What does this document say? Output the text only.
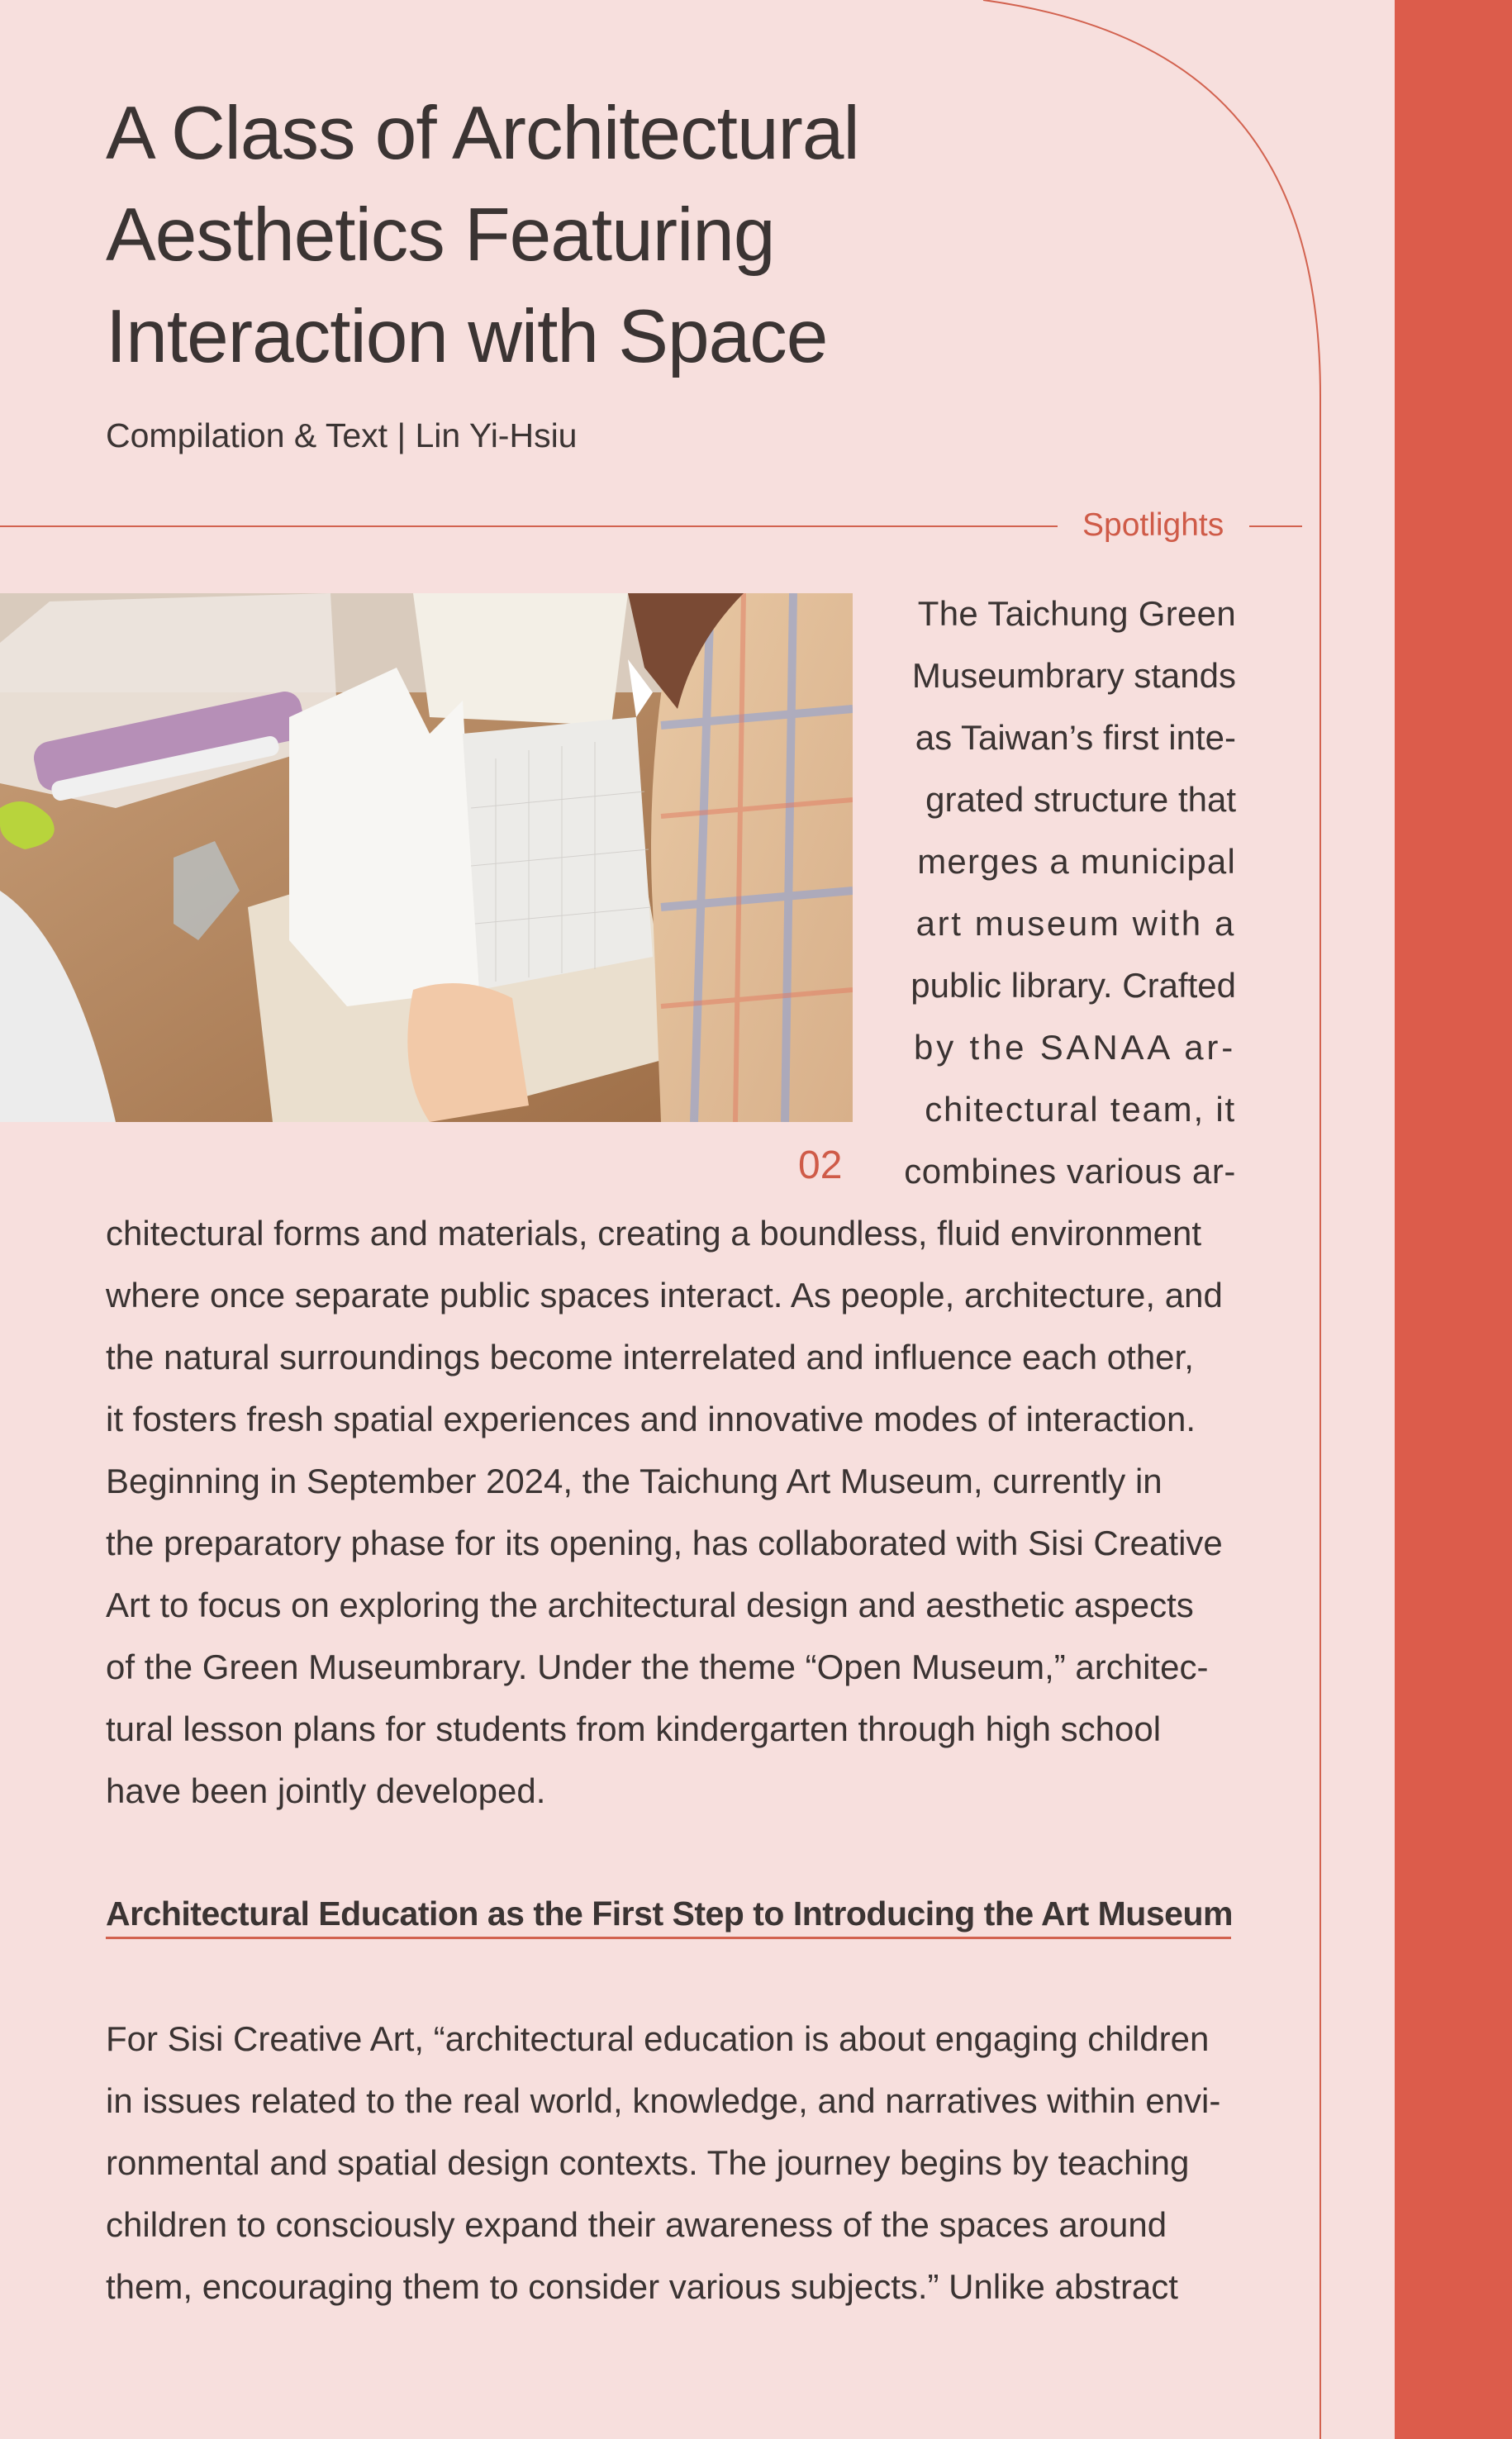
A Class of Architectural
Aesthetics Featuring
Interaction with Space
Compilation & Text | Lin Yi-Hsiu
Spotlights
02
The Taichung Green
Museumbrary stands
as Taiwan’s first inte-
grated structure that
merges a municipal
art museum with a
public library. Crafted
by the SANAA ar-
chitectural team, it
combines various ar-
chitectural forms and materials, creating a boundless, fluid environment
where once separate public spaces interact. As people, architecture, and
the natural surroundings become interrelated and influence each other,
it fosters fresh spatial experiences and innovative modes of interaction.
Beginning in September 2024, the Taichung Art Museum, currently in
the preparatory phase for its opening, has collaborated with Sisi Creative
Art to focus on exploring the architectural design and aesthetic aspects
of the Green Museumbrary. Under the theme “Open Museum,” architec-
tural lesson plans for students from kindergarten through high school
have been jointly developed.
Architectural Education as the First Step to Introducing the Art Museum
For Sisi Creative Art, “architectural education is about engaging children
in issues related to the real world, knowledge, and narratives within envi-
ronmental and spatial design contexts. The journey begins by teaching
children to consciously expand their awareness of the spaces around
them, encouraging them to consider various subjects.” Unlike abstract
